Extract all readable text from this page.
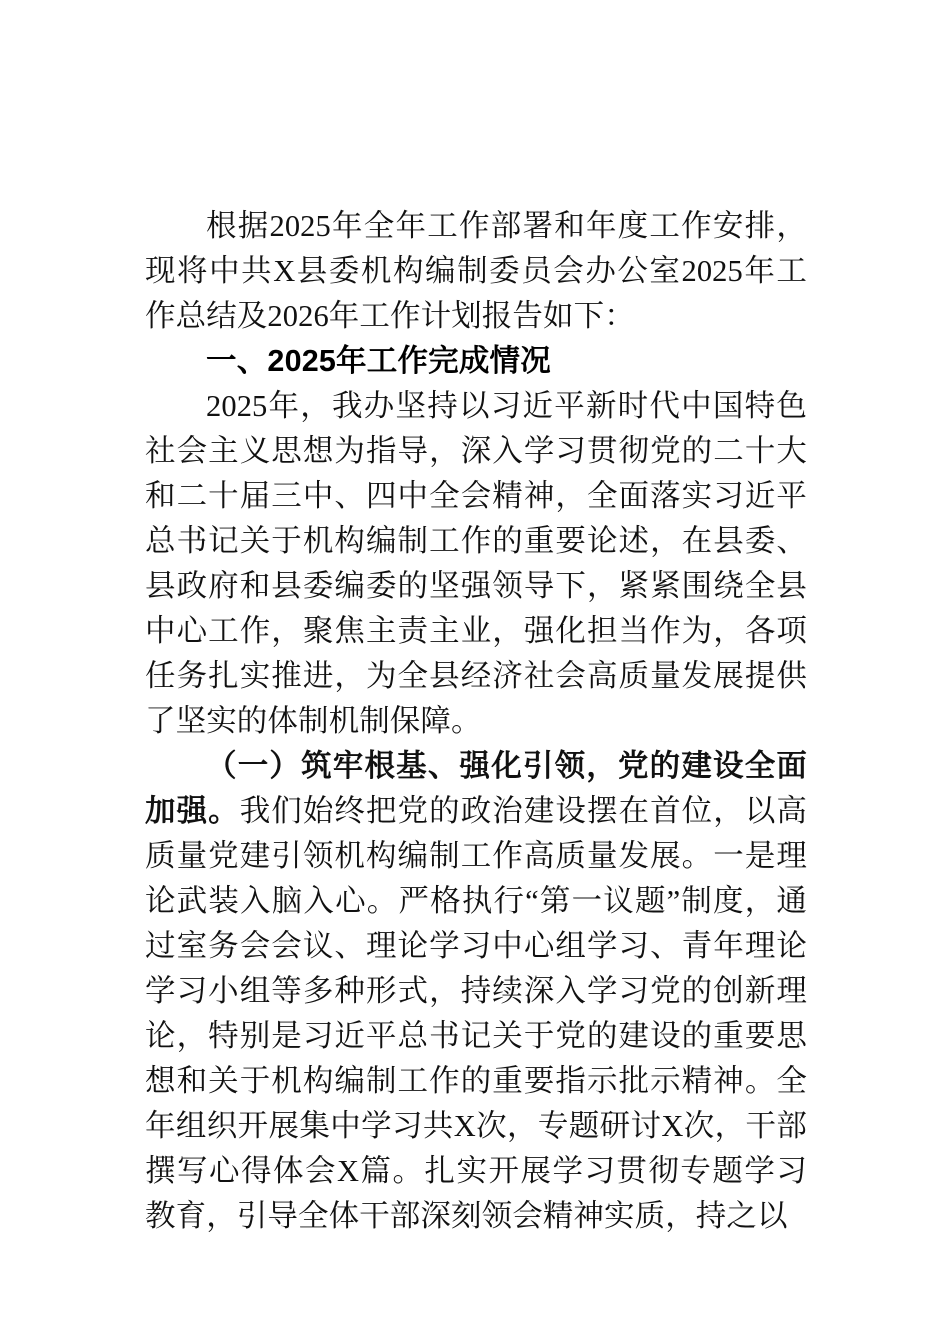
根据2025年全年工作部署和年度工作安排，现将中共X县委机构编制委员会办公室2025年工作总结及2026年工作计划报告如下：

一、2025年工作完成情况

2025年，我办坚持以习近平新时代中国特色社会主义思想为指导，深入学习贯彻党的二十大和二十届三中、四中全会精神，全面落实习近平总书记关于机构编制工作的重要论述，在县委、县政府和县委编委的坚强领导下，紧紧围绕全县中心工作，聚焦主责主业，强化担当作为，各项任务扎实推进，为全县经济社会高质量发展提供了坚实的体制机制保障。

（一）筑牢根基、强化引领，党的建设全面加强。我们始终把党的政治建设摆在首位，以高质量党建引领机构编制工作高质量发展。一是理论武装入脑入心。严格执行“第一议题”制度，通过室务会会议、理论学习中心组学习、青年理论学习小组等多种形式，持续深入学习党的创新理论，特别是习近平总书记关于党的建设的重要思想和关于机构编制工作的重要指示批示精神。全年组织开展集中学习共X次，专题研讨X次，干部撰写心得体会X篇。扎实开展学习贯彻专题学习教育，引导全体干部深刻领会精神实质，持之以
